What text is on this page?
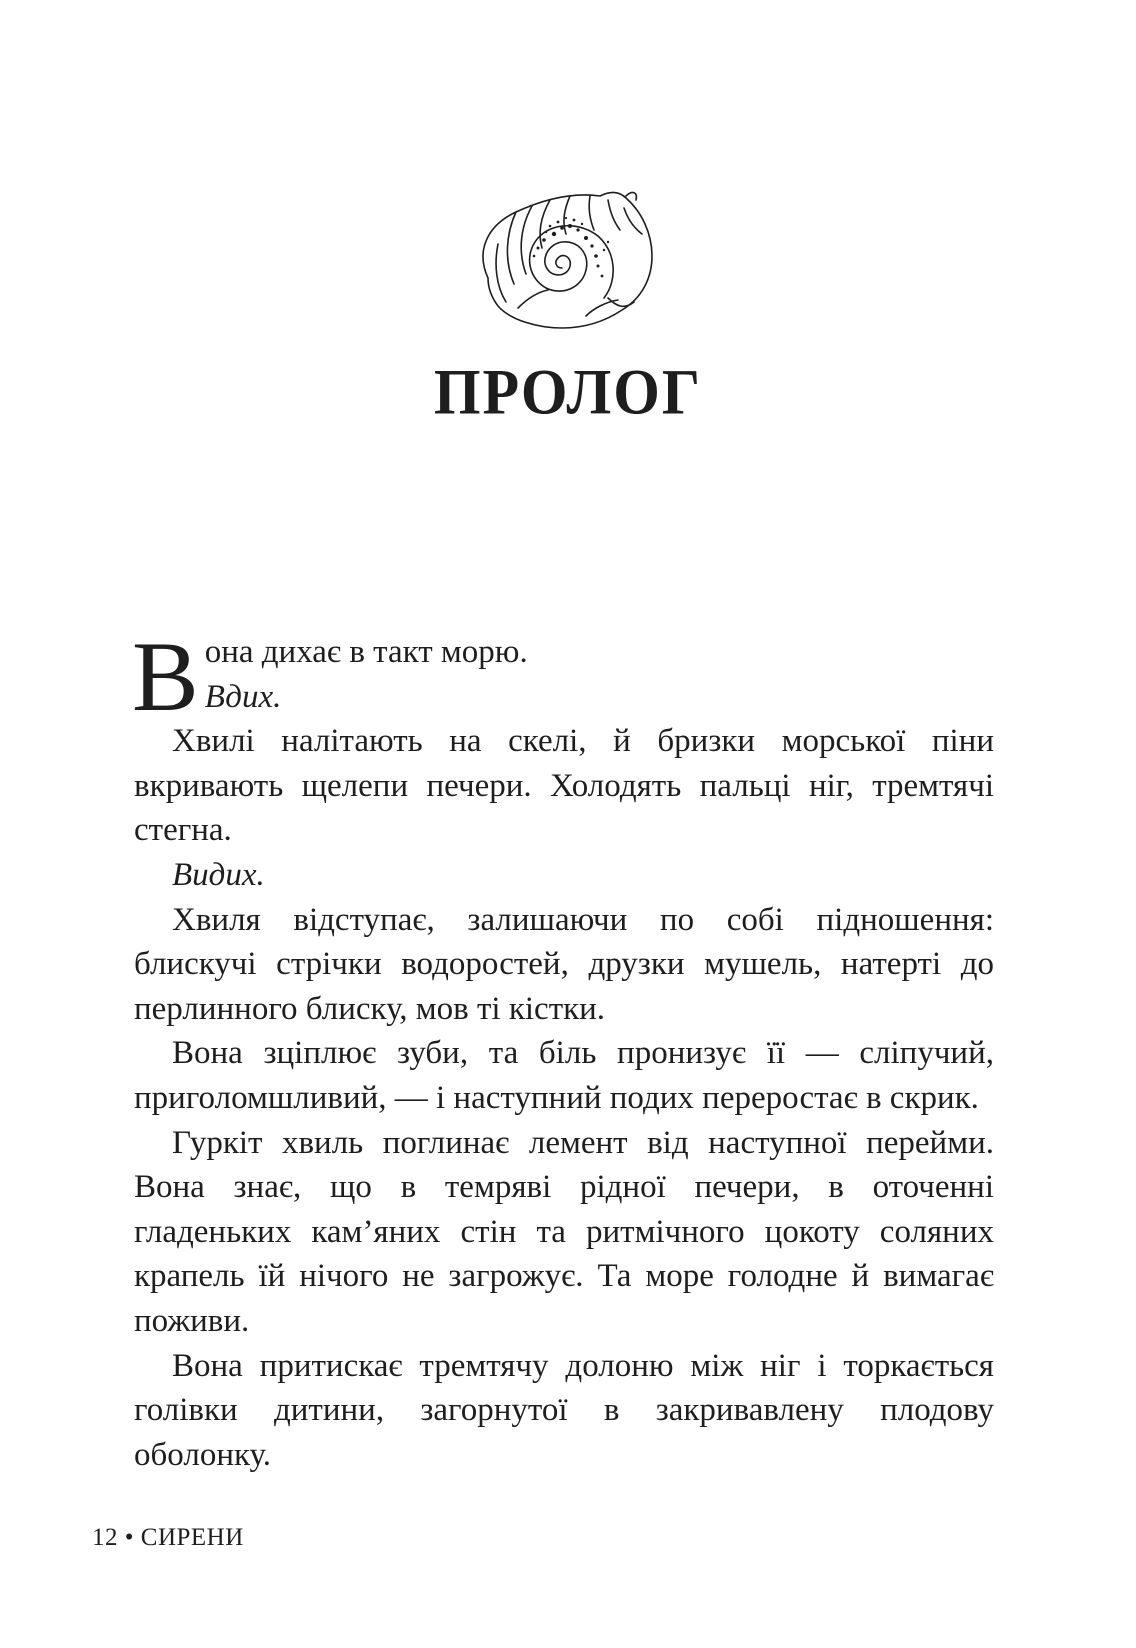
ПРОЛОГ

Вона дихає в такт морю.
Вдих.

Хвилі налітають на скелі, й бризки морської піни вкривають щелепи печери. Холодять пальці ніг, тремтячі стегна.

Видих.

Хвиля відступає, залишаючи по собі підношення: блискучі стрічки водоростей, друзки мушель, натерті до перлинного блиску, мов ті кістки.

Вона зціплює зуби, та біль пронизує її — сліпучий, приголомшливий, — і наступний подих переростає в скрик.

Гуркіт хвиль поглинає лемент від наступної перейми. Вона знає, що в темряві рідної печери, в оточенні гладеньких кам’яних стін та ритмічного цокоту соляних крапель їй нічого не загрожує. Та море голодне й вимагає поживи.

Вона притискає тремтячу долоню між ніг і торкається голівки дитини, загорнутої в закривавлену плодову оболонку.

12 • СИРЕНИ
